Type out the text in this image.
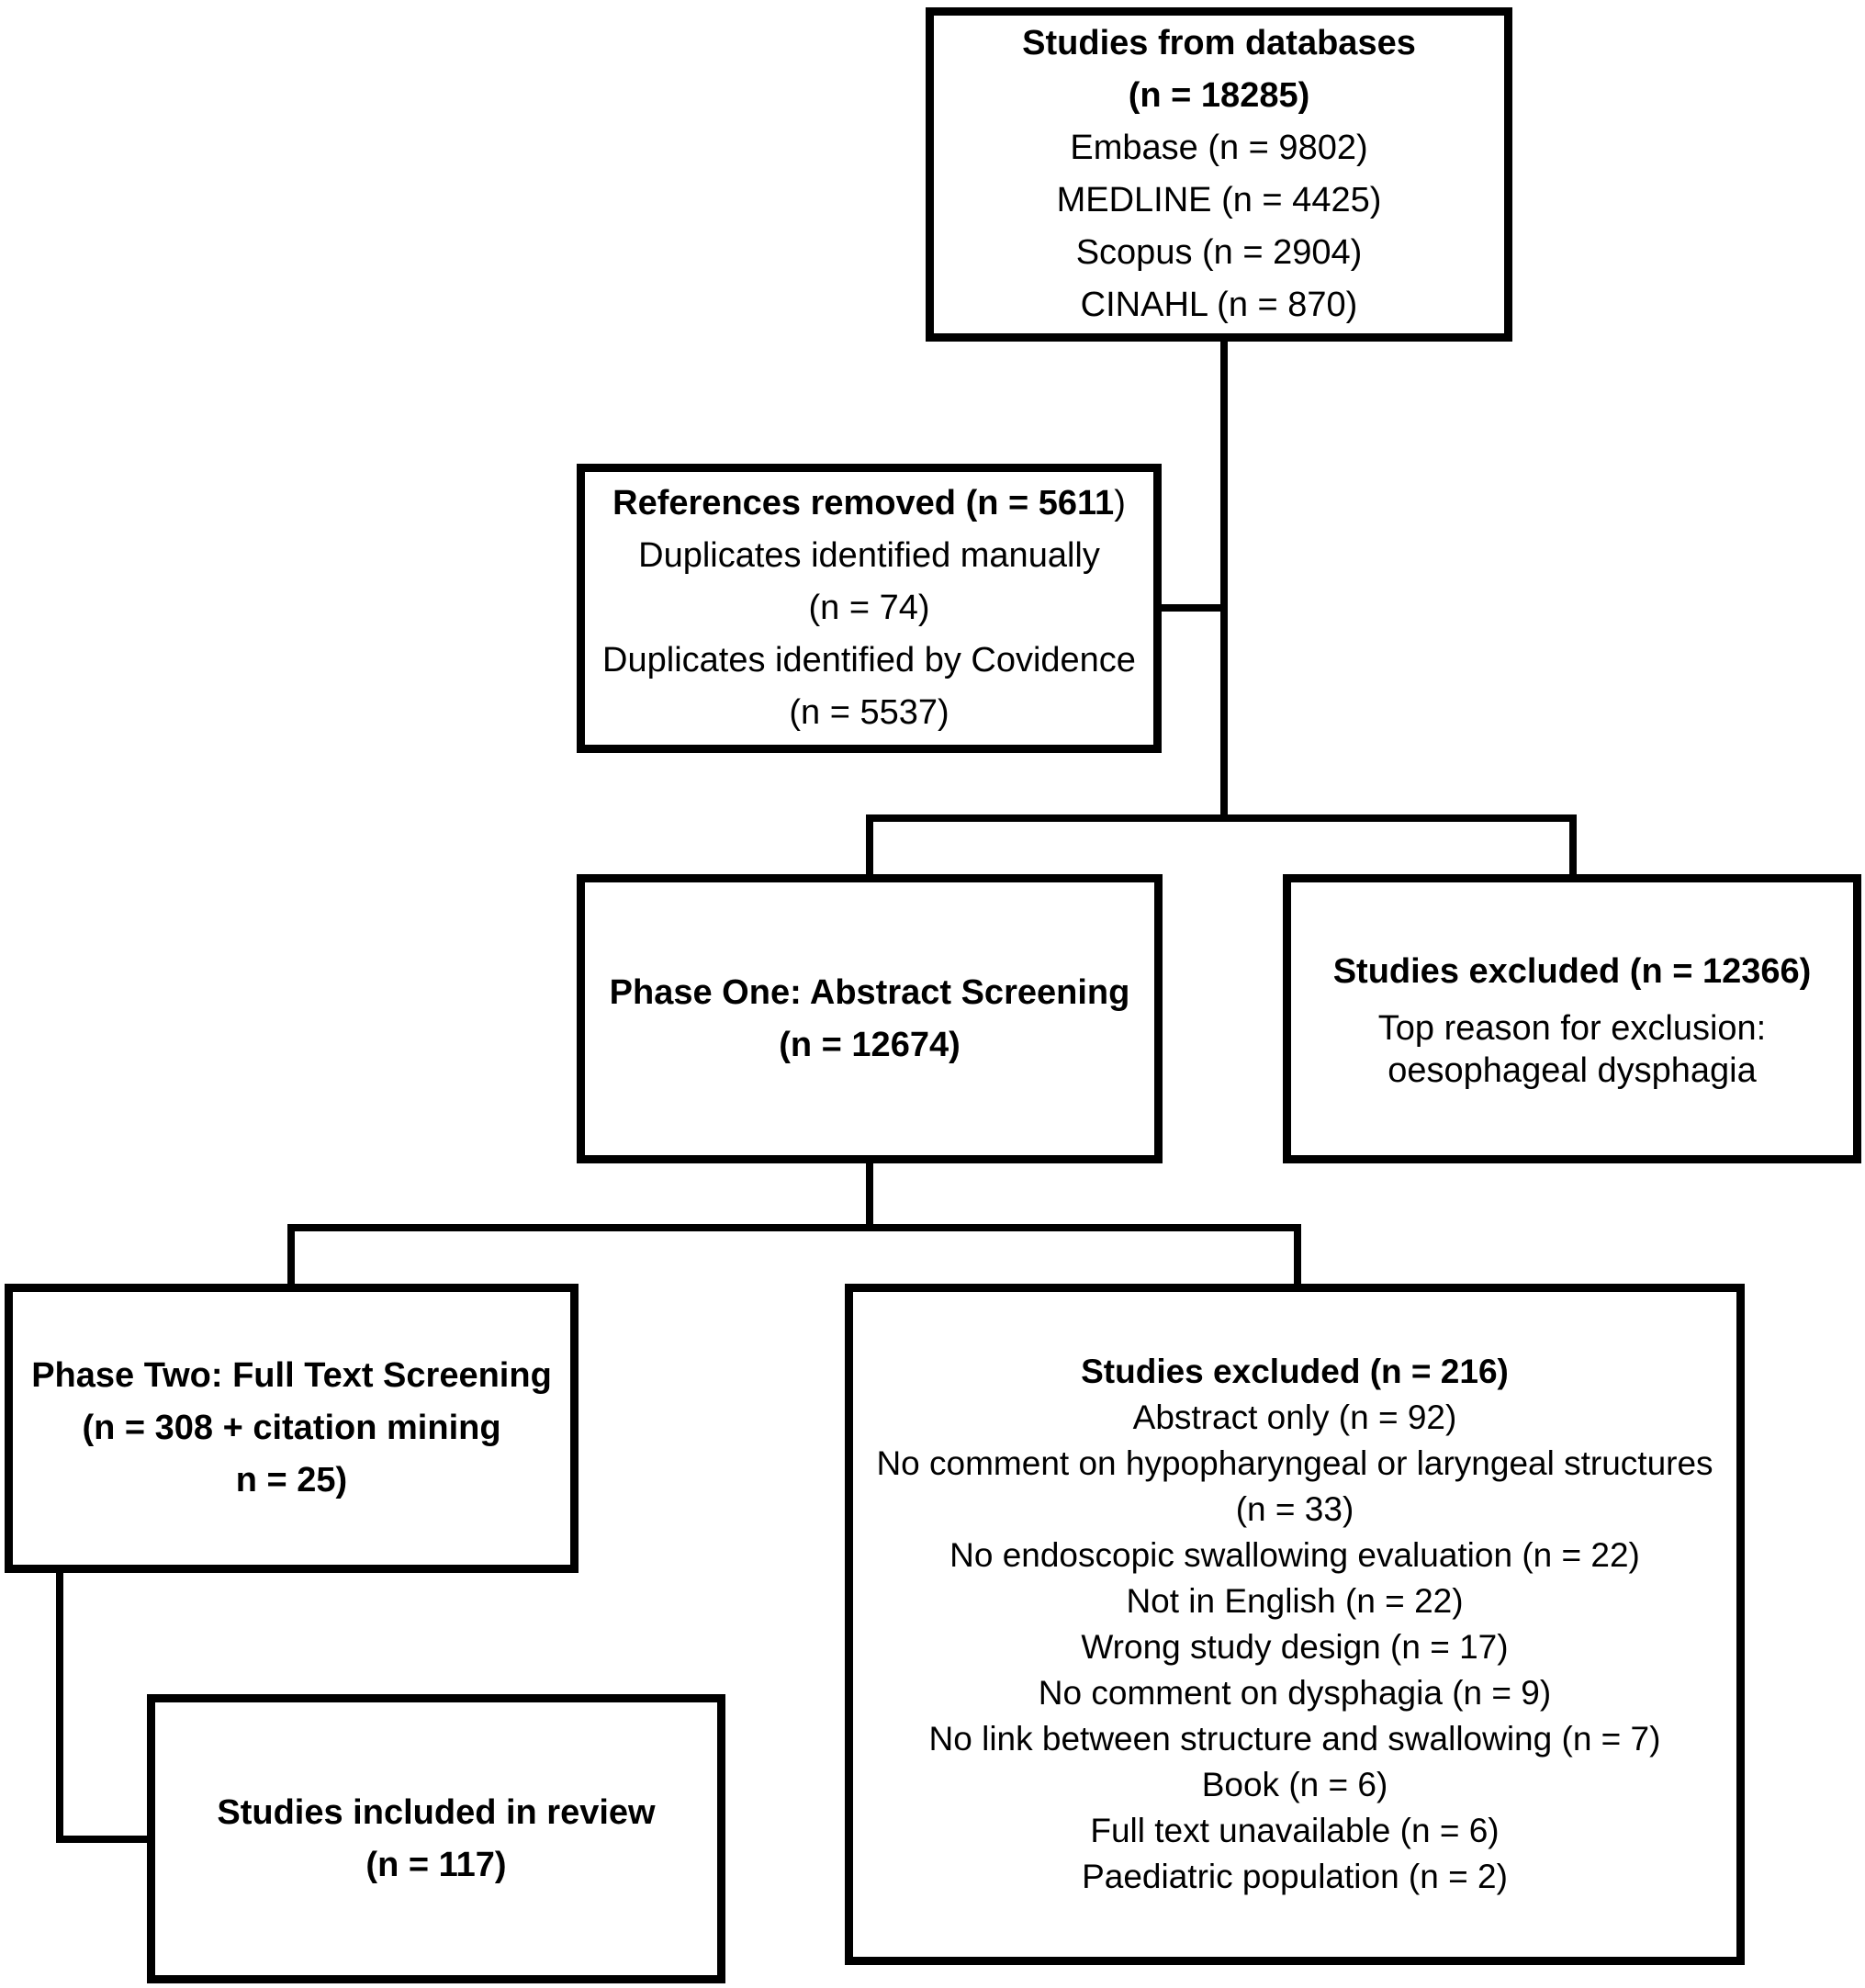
Studies from databases
(n = 18285)
Embase (n = 9802)
MEDLINE (n = 4425)
Scopus (n = 2904)
CINAHL (n = 870)
References removed (n = 5611)
Duplicates identified manually
(n = 74)
Duplicates identified by Covidence
(n = 5537)
Phase One: Abstract Screening
(n = 12674)
Studies excluded (n = 12366)
Top reason for exclusion:
oesophageal dysphagia
Phase Two: Full Text Screening
(n = 308 + citation mining
n = 25)
Studies excluded (n = 216)
Abstract only (n = 92)
No comment on hypopharyngeal or laryngeal structures (n = 33)
No endoscopic swallowing evaluation (n = 22)
Not in English (n = 22)
Wrong study design (n = 17)
No comment on dysphagia (n = 9)
No link between structure and swallowing (n = 7)
Book (n = 6)
Full text unavailable (n = 6)
Paediatric population (n = 2)
Studies included in review
(n = 117)
